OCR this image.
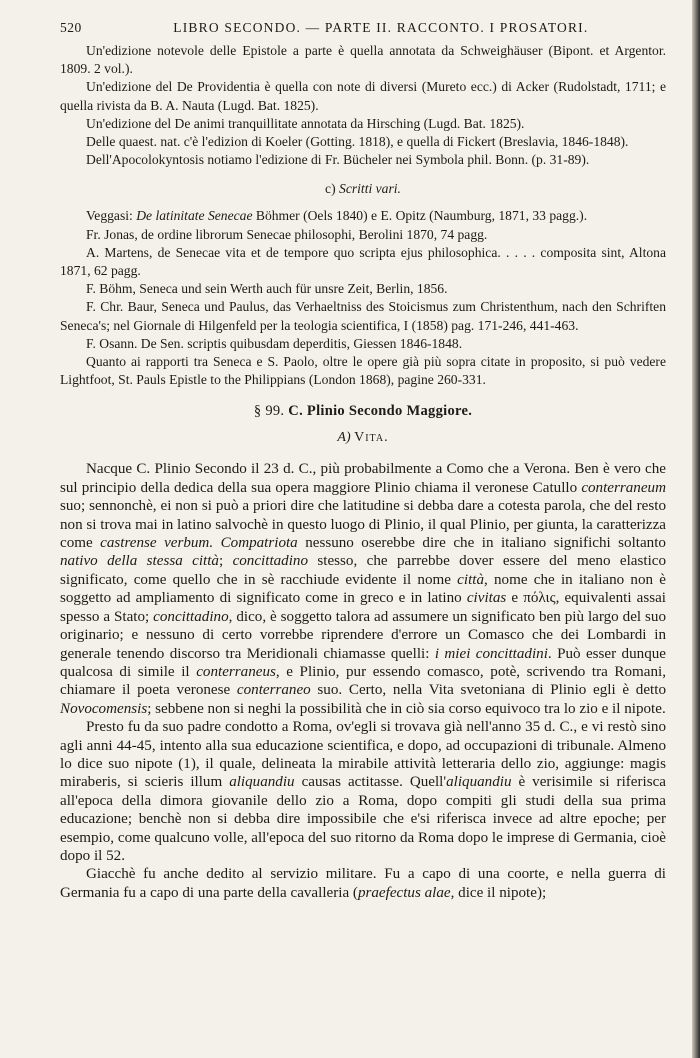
520	LIBRO SECONDO. — PARTE II. RACCONTO. I PROSATORI.

Un'edizione notevole delle Epistole a parte è quella annotata da Schweighäuser (Bipont. et Argentor. 1809. 2 vol.).

Un'edizione del De Providentia è quella con note di diversi (Mureto ecc.) di Acker (Rudolstadt, 1711; e quella rivista da B. A. Nauta (Lugd. Bat. 1825).

Un'edizione del De animi tranquillitate annotata da Hirsching (Lugd. Bat. 1825).

Delle quaest. nat. c'è l'edizion di Koeler (Gotting. 1818), e quella di Fickert (Breslavia, 1846-1848).

Dell'Apocolokyntosis notiamo l'edizione di Fr. Bücheler nei Symbola phil. Bonn. (p. 31-89).

c) Scritti vari.

Veggasi: De latinitate Senecae Böhmer (Oels 1840) e E. Opitz (Naumburg, 1871, 33 pagg.).

Fr. Jonas, de ordine librorum Senecae philosophi, Berolini 1870, 74 pagg.

A. Martens, de Senecae vita et de tempore quo scripta ejus philosophica. . . . . composita sint, Altona 1871, 62 pagg.

F. Böhm, Seneca und sein Werth auch für unsre Zeit, Berlin, 1856.

F. Chr. Baur, Seneca und Paulus, das Verhaeltniss des Stoicismus zum Christenthum, nach den Schriften Seneca's; nel Giornale di Hilgenfeld per la teologia scientifica, I (1858) pag. 171-246, 441-463.

F. Osann. De Sen. scriptis quibusdam deperditis, Giessen 1846-1848.

Quanto ai rapporti tra Seneca e S. Paolo, oltre le opere già più sopra citate in proposito, si può vedere Lightfoot, St. Pauls Epistle to the Philippians (London 1868), pagine 260-331.

§ 99. C. Plinio Secondo Maggiore.
A) Vita.

Nacque C. Plinio Secondo il 23 d. C., più probabilmente a Como che a Verona. Ben è vero che sul principio della dedica della sua opera maggiore Plinio chiama il veronese Catullo conterraneum suo; sennonchè, ei non si può a priori dire che latitudine si debba dare a cotesta parola, che del resto non si trova mai in latino salvochè in questo luogo di Plinio, il qual Plinio, per giunta, la caratterizza come castrense verbum. Compatriota nessuno oserebbe dire che in italiano significhi soltanto nativo della stessa città; concittadino stesso, che parrebbe dover essere del meno elastico significato, come quello che in sè racchiude evidente il nome città, nome che in italiano non è soggetto ad ampliamento di significato come in greco e in latino civitas e πόλις, equivalenti assai spesso a Stato; concittadino, dico, è soggetto talora ad assumere un significato ben più largo del suo originario; e nessuno di certo vorrebbe riprendere d'errore un Comasco che dei Lombardi in generale tenendo discorso tra Meridionali chiamasse quelli: i miei concittadini. Può esser dunque qualcosa di simile il conterraneus, e Plinio, pur essendo comasco, potè, scrivendo tra Romani, chiamare il poeta veronese conterraneo suo. Certo, nella Vita svetoniana di Plinio egli è detto Novocomensis; sebbene non si neghi la possibilità che in ciò sia corso equivoco tra lo zio e il nipote.

Presto fu da suo padre condotto a Roma, ov'egli si trovava già nell'anno 35 d. C., e vi restò sino agli anni 44-45, intento alla sua educazione scientifica, e dopo, ad occupazioni di tribunale. Almeno lo dice suo nipote (1), il quale, delineata la mirabile attività letteraria dello zio, aggiunge: magis miraberis, si scieris illum aliquandiu causas actitasse. Quell'aliquandiu è verisimile si riferisca all'epoca della dimora giovanile dello zio a Roma, dopo compiti gli studi della sua prima educazione; benchè non si debba dire impossibile che e'si riferisca invece ad altre epoche; per esempio, come qualcuno volle, all'epoca del suo ritorno da Roma dopo le imprese di Germania, cioè dopo il 52.

Giacchè fu anche dedito al servizio militare. Fu a capo di una coorte, e nella guerra di Germania fu a capo di una parte della cavalleria (praefectus alae, dice il nipote);
